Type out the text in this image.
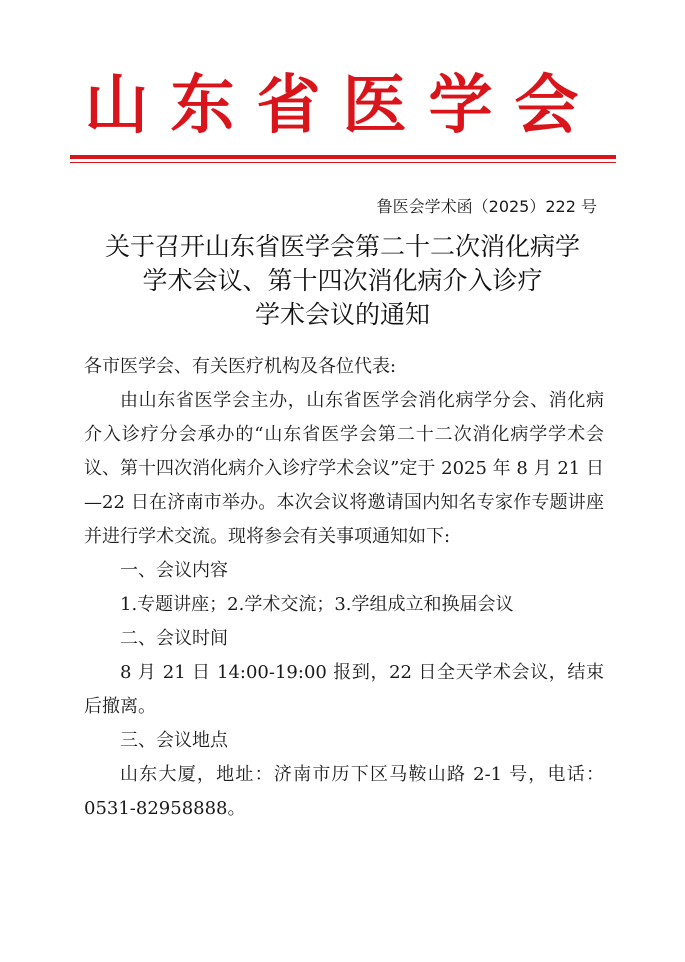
山东省医学会
鲁医会学术函（2025）222 号
关于召开山东省医学会第二十二次消化病学
学术会议、第十四次消化病介入诊疗
学术会议的通知

各市医学会、有关医疗机构及各位代表:

由山东省医学会主办，山东省医学会消化病学分会、消化病介入诊疗分会承办的“山东省医学会第二十二次消化病学学术会议、第十四次消化病介入诊疗学术会议”定于 2025 年 8 月 21 日—22 日在济南市举办。本次会议将邀请国内知名专家作专题讲座并进行学术交流。现将参会有关事项通知如下:

一、会议内容

1.专题讲座；2.学术交流；3.学组成立和换届会议

二、会议时间

8 月 21 日 14:00-19:00 报到，22 日全天学术会议，结束后撤离。

三、会议地点

山东大厦，地址：济南市历下区马鞍山路 2-1 号，电话：0531-82958888。
